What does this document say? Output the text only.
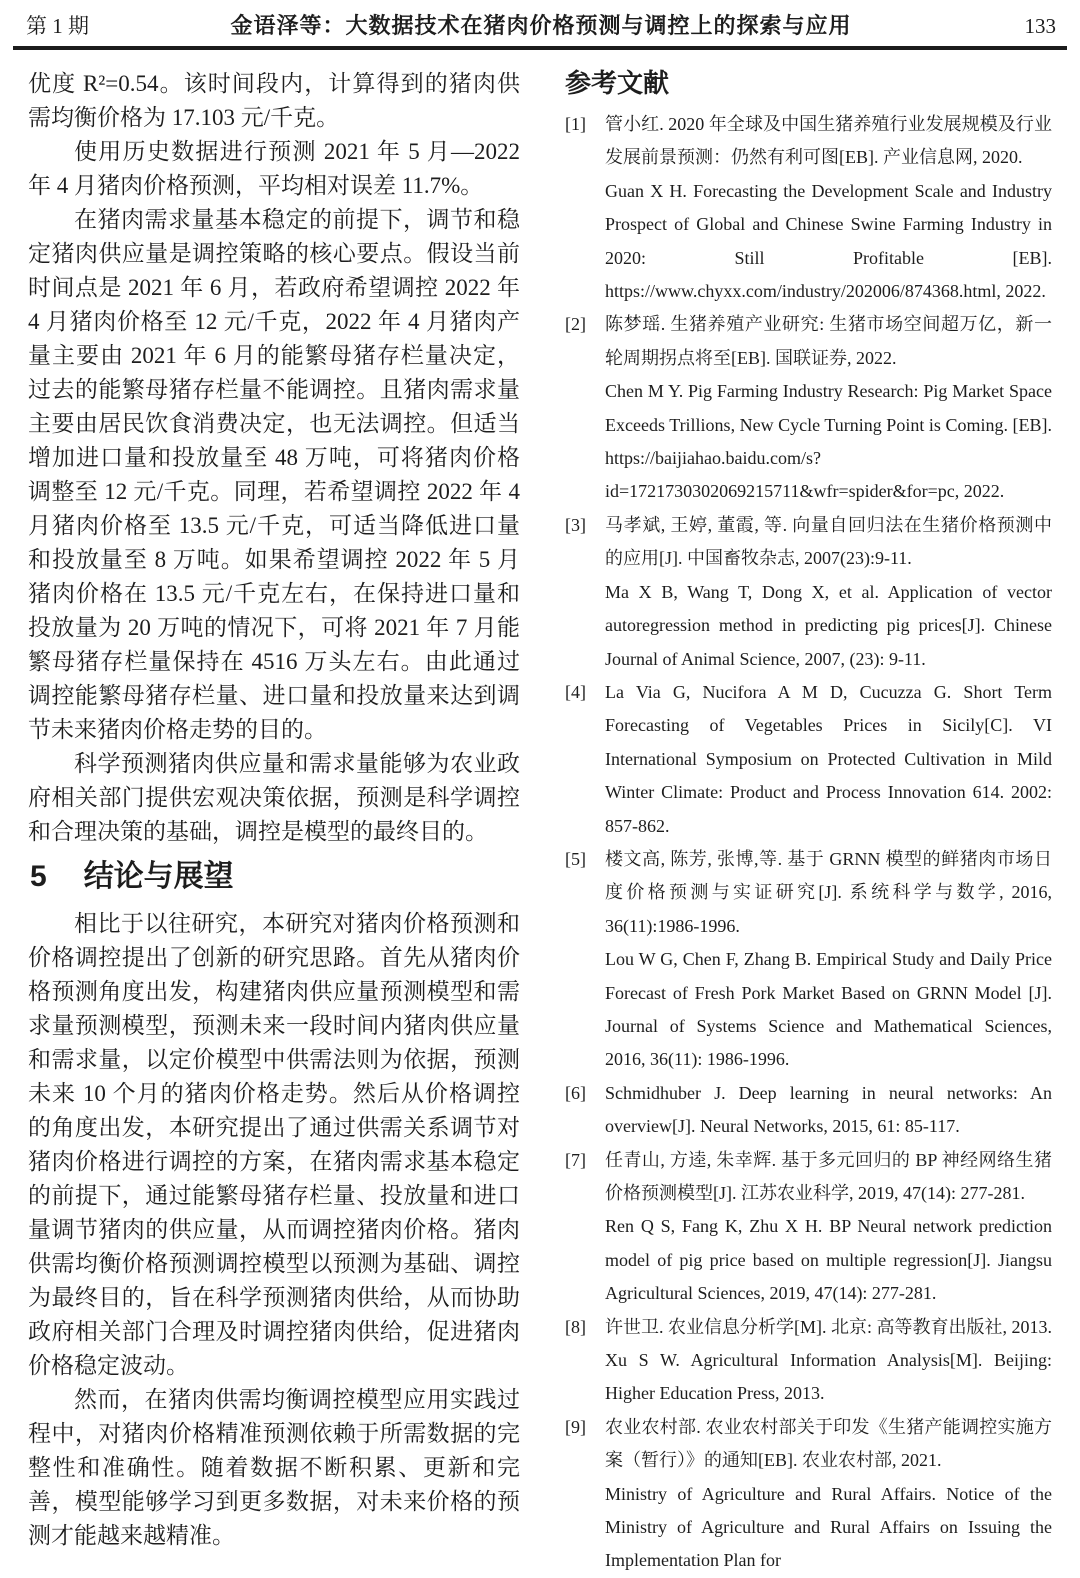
第 1 期	金语泽等：大数据技术在猪肉价格预测与调控上的探索与应用	133

优度 R²=0.54。该时间段内，计算得到的猪肉供需均衡价格为 17.103 元/千克。

使用历史数据进行预测 2021 年 5 月—2022 年 4 月猪肉价格预测，平均相对误差 11.7%。

在猪肉需求量基本稳定的前提下，调节和稳定猪肉供应量是调控策略的核心要点。假设当前时间点是 2021 年 6 月，若政府希望调控 2022 年 4 月猪肉价格至 12 元/千克，2022 年 4 月猪肉产量主要由 2021 年 6 月的能繁母猪存栏量决定，过去的能繁母猪存栏量不能调控。且猪肉需求量主要由居民饮食消费决定，也无法调控。但适当增加进口量和投放量至 48 万吨，可将猪肉价格调整至 12 元/千克。同理，若希望调控 2022 年 4 月猪肉价格至 13.5 元/千克，可适当降低进口量和投放量至 8 万吨。如果希望调控 2022 年 5 月猪肉价格在 13.5 元/千克左右，在保持进口量和投放量为 20 万吨的情况下，可将 2021 年 7 月能繁母猪存栏量保持在 4516 万头左右。由此通过调控能繁母猪存栏量、进口量和投放量来达到调节未来猪肉价格走势的目的。

科学预测猪肉供应量和需求量能够为农业政府相关部门提供宏观决策依据，预测是科学调控和合理决策的基础，调控是模型的最终目的。

5 结论与展望

相比于以往研究，本研究对猪肉价格预测和价格调控提出了创新的研究思路。首先从猪肉价格预测角度出发，构建猪肉供应量预测模型和需求量预测模型，预测未来一段时间内猪肉供应量和需求量，以定价模型中供需法则为依据，预测未来 10 个月的猪肉价格走势。然后从价格调控的角度出发，本研究提出了通过供需关系调节对猪肉价格进行调控的方案，在猪肉需求基本稳定的前提下，通过能繁母猪存栏量、投放量和进口量调节猪肉的供应量，从而调控猪肉价格。猪肉供需均衡价格预测调控模型以预测为基础、调控为最终目的，旨在科学预测猪肉供给，从而协助政府相关部门合理及时调控猪肉供给，促进猪肉价格稳定波动。

然而，在猪肉供需均衡调控模型应用实践过程中，对猪肉价格精准预测依赖于所需数据的完整性和准确性。随着数据不断积累、更新和完善，模型能够学习到更多数据，对未来价格的预测才能越来越精准。

参考文献
[1]	管小红. 2020 年全球及中国生猪养殖行业发展规模及行业发展前景预测：仍然有利可图[EB]. 产业信息网, 2020.
Guan X H. Forecasting the Development Scale and Industry Prospect of Global and Chinese Swine Farming Industry in 2020: Still Profitable [EB]. https://www.chyxx.com/industry/202006/874368.html, 2022.
[2]	陈梦瑶. 生猪养殖产业研究: 生猪市场空间超万亿，新一轮周期拐点将至[EB]. 国联证券, 2022.
Chen M Y. Pig Farming Industry Research: Pig Market Space Exceeds Trillions, New Cycle Turning Point is Coming. [EB]. https://baijiahao.baidu.com/s?id=1721730302069215711&wfr=spider&for=pc, 2022.
[3]	马孝斌, 王婷, 董霞, 等. 向量自回归法在生猪价格预测中的应用[J]. 中国畜牧杂志, 2007(23):9-11.
Ma X B, Wang T, Dong X, et al. Application of vector autoregression method in predicting pig prices[J]. Chinese Journal of Animal Science, 2007, (23): 9-11.
[4]	La Via G, Nucifora A M D, Cucuzza G. Short Term Forecasting of Vegetables Prices in Sicily[C]. VI International Symposium on Protected Cultivation in Mild Winter Climate: Product and Process Innovation 614. 2002: 857-862.
[5]	楼文高, 陈芳, 张博,等. 基于 GRNN 模型的鲜猪肉市场日度价格预测与实证研究[J]. 系统科学与数学, 2016, 36(11):1986-1996.
Lou W G, Chen F, Zhang B. Empirical Study and Daily Price Forecast of Fresh Pork Market Based on GRNN Model [J]. Journal of Systems Science and Mathematical Sciences, 2016, 36(11): 1986-1996.
[6]	Schmidhuber J. Deep learning in neural networks: An overview[J]. Neural Networks, 2015, 61: 85-117.
[7]	任青山, 方逵, 朱幸辉. 基于多元回归的 BP 神经网络生猪价格预测模型[J]. 江苏农业科学, 2019, 47(14): 277-281.
Ren Q S, Fang K, Zhu X H. BP Neural network prediction model of pig price based on multiple regression[J]. Jiangsu Agricultural Sciences, 2019, 47(14): 277-281.
[8]	许世卫. 农业信息分析学[M]. 北京: 高等教育出版社, 2013.
Xu S W. Agricultural Information Analysis[M]. Beijing: Higher Education Press, 2013.
[9]	农业农村部. 农业农村部关于印发《生猪产能调控实施方案（暂行）》的通知[EB]. 农业农村部, 2021.
Ministry of Agriculture and Rural Affairs. Notice of the Ministry of Agriculture and Rural Affairs on Issuing the Implementation Plan for
